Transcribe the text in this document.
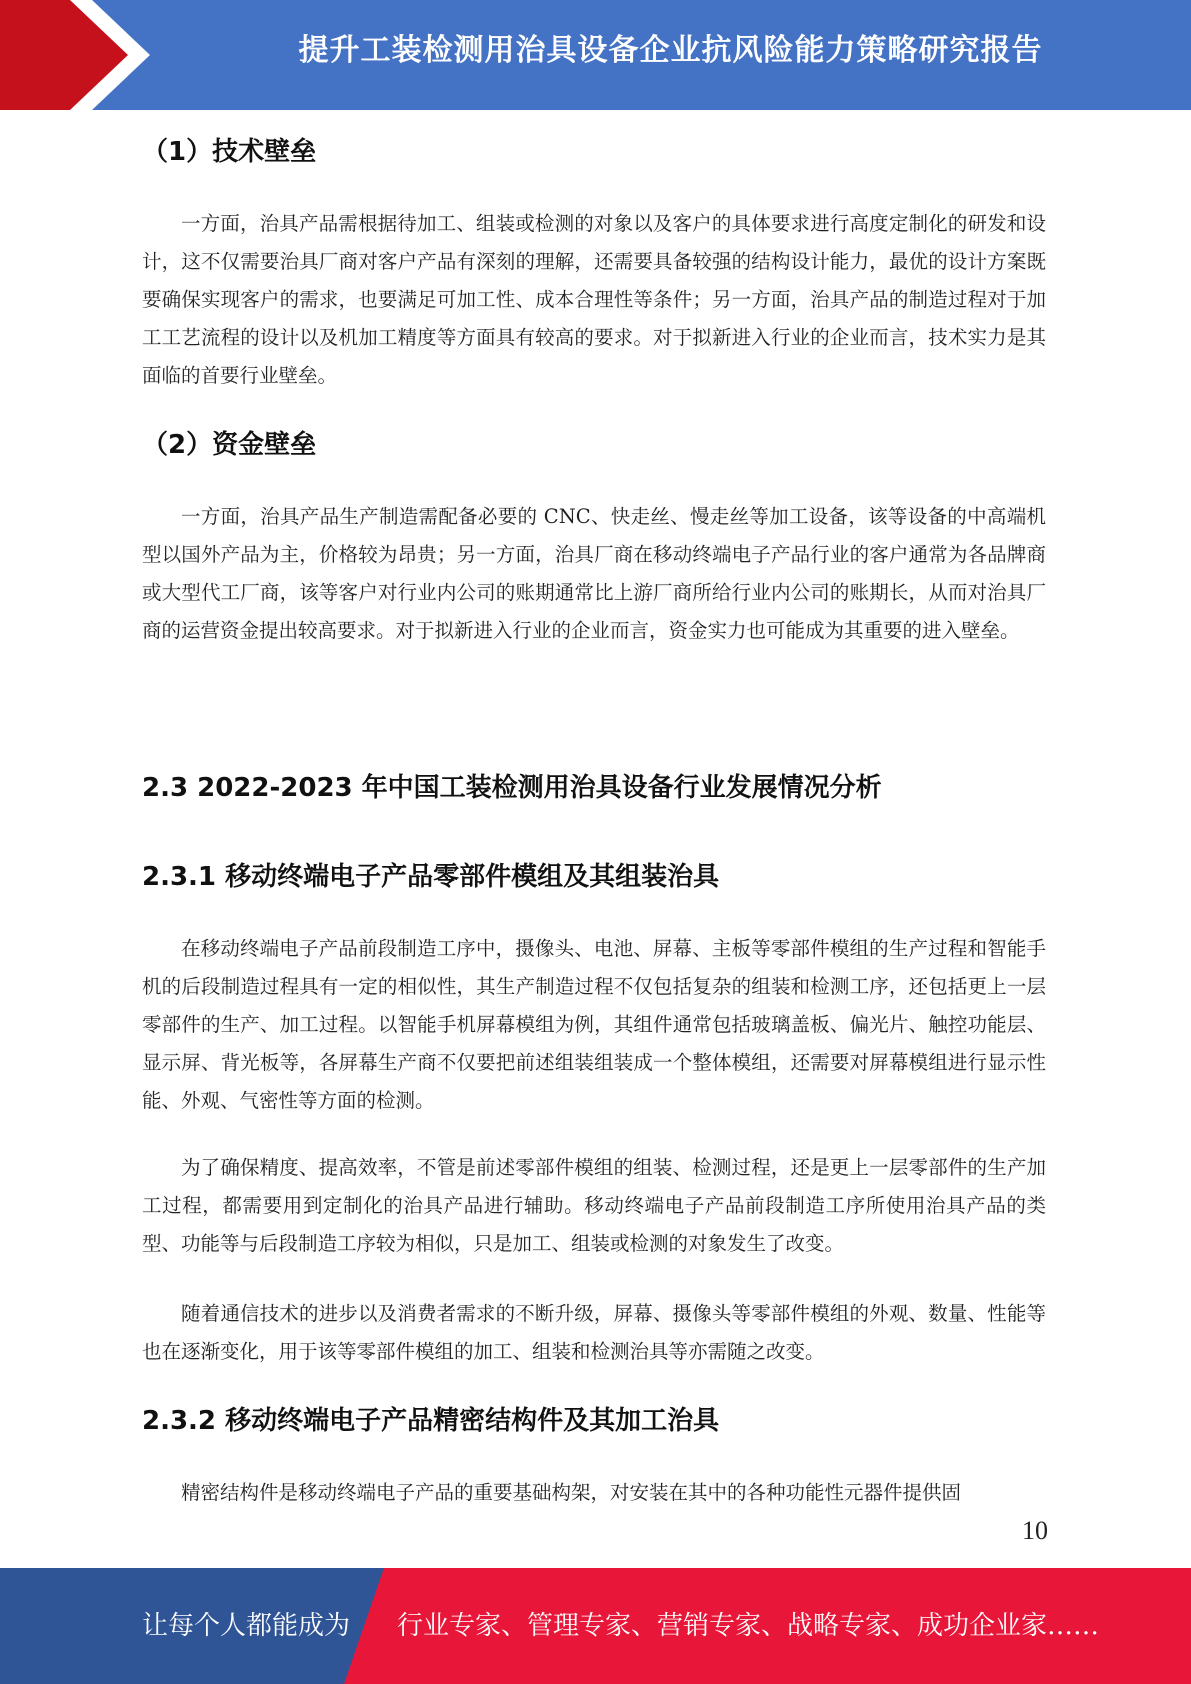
提升工装检测用治具设备企业抗风险能力策略研究报告
（1）技术壁垒
一方面，治具产品需根据待加工、组装或检测的对象以及客户的具体要求进行高度定制化的研发和设计，这不仅需要治具厂商对客户产品有深刻的理解，还需要具备较强的结构设计能力，最优的设计方案既要确保实现客户的需求，也要满足可加工性、成本合理性等条件；另一方面，治具产品的制造过程对于加工工艺流程的设计以及机加工精度等方面具有较高的要求。对于拟新进入行业的企业而言，技术实力是其面临的首要行业壁垒。
（2）资金壁垒
一方面，治具产品生产制造需配备必要的 CNC、快走丝、慢走丝等加工设备，该等设备的中高端机型以国外产品为主，价格较为昂贵；另一方面，治具厂商在移动终端电子产品行业的客户通常为各品牌商或大型代工厂商，该等客户对行业内公司的账期通常比上游厂商所给行业内公司的账期长，从而对治具厂商的运营资金提出较高要求。对于拟新进入行业的企业而言，资金实力也可能成为其重要的进入壁垒。
2.3 2022-2023 年中国工装检测用治具设备行业发展情况分析
2.3.1 移动终端电子产品零部件模组及其组装治具
在移动终端电子产品前段制造工序中，摄像头、电池、屏幕、主板等零部件模组的生产过程和智能手机的后段制造过程具有一定的相似性，其生产制造过程不仅包括复杂的组装和检测工序，还包括更上一层零部件的生产、加工过程。以智能手机屏幕模组为例，其组件通常包括玻璃盖板、偏光片、触控功能层、显示屏、背光板等，各屏幕生产商不仅要把前述组装组装成一个整体模组，还需要对屏幕模组进行显示性能、外观、气密性等方面的检测。
为了确保精度、提高效率，不管是前述零部件模组的组装、检测过程，还是更上一层零部件的生产加工过程，都需要用到定制化的治具产品进行辅助。移动终端电子产品前段制造工序所使用治具产品的类型、功能等与后段制造工序较为相似，只是加工、组装或检测的对象发生了改变。
随着通信技术的进步以及消费者需求的不断升级，屏幕、摄像头等零部件模组的外观、数量、性能等也在逐渐变化，用于该等零部件模组的加工、组装和检测治具等亦需随之改变。
2.3.2 移动终端电子产品精密结构件及其加工治具
精密结构件是移动终端电子产品的重要基础构架，对安装在其中的各种功能性元器件提供固
10
让每个人都能成为 行业专家、管理专家、营销专家、战略专家、成功企业家……
